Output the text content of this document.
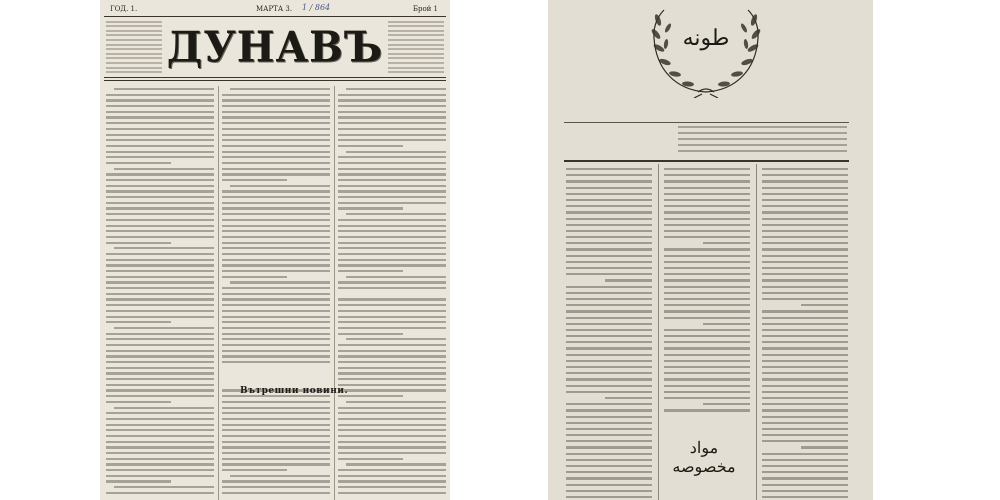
ГОД. 1.	МАРТА 3. 1 / 864	Брой 1
ДУНАВЪ
Вътрешни новини.
طونه
مواد مخصوصه
